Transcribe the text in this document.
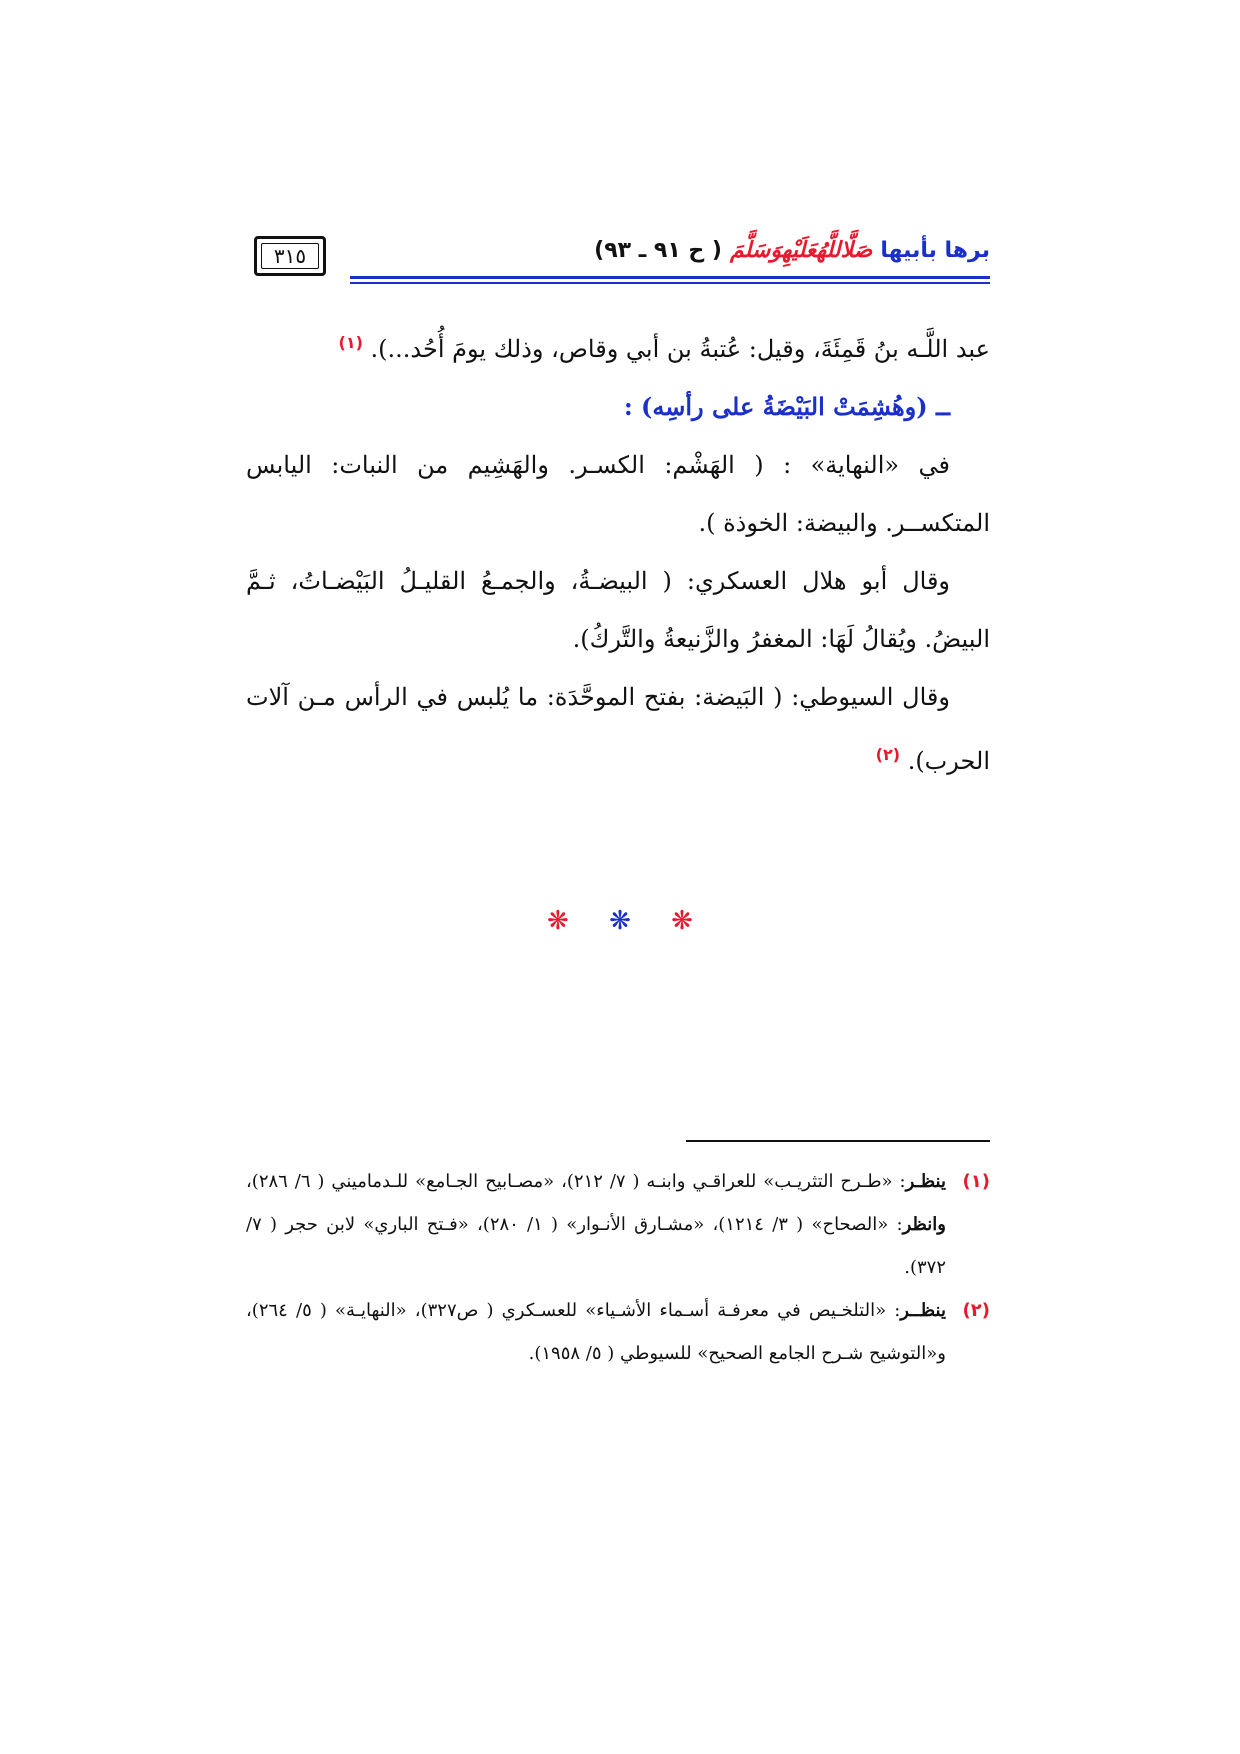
٣١٥	برها بأبيهاصَلَّاللَّهُعَلَيْهِوَسَلَّمَ( ح ٩١ ـ ٩٣)

عبد اللَّـه بنُ قَمِئَةَ، وقيل: عُتبةُ بن أبي وقاص، وذلك يومَ أُحُد...). $^{(١)}$

ــ (وهُشِمَتْ البَيْضَةُ على رأسِه) :

في «النهاية» : ( الهَشْم: الكسـر. والهَشِيم من النبات: اليابس المتكســر. والبيضة: الخوذة ).

وقال أبو هلال العسكري: ( البيضـةُ، والجمـعُ القليـلُ البَيْضـاتُ، ثـمَّ البيضُ. ويُقالُ لَهَا: المغفرُ والزَّنيعةُ والتَّركُ).

وقال السيوطي: ( البَيضة: بفتح الموحَّدَة: ما يُلبس في الرأس مـن آلات الحرب). $^{(٢)}$

❋ ❋ ❋

(١)
ينظـر: «طـرح التثريـب» للعراقـي وابنـه ( ٧/ ٢١٢)، «مصـابيح الجـامع» للـدماميني ( ٦/ ٢٨٦)، وانظر: «الصحاح» ( ٣/ ١٢١٤)، «مشـارق الأنـوار» ( ١/ ٢٨٠)، «فـتح الباري» لابن حجر ( ٧/ ٣٧٢).

(٢)
ينظــر: «التلخـيص في معرفـة أسـماء الأشـياء» للعسـكري ( ص٣٢٧)، «النهايـة» ( ٥/ ٢٦٤)، و«التوشيح شـرح الجامع الصحيح» للسيوطي ( ٥/ ١٩٥٨).
